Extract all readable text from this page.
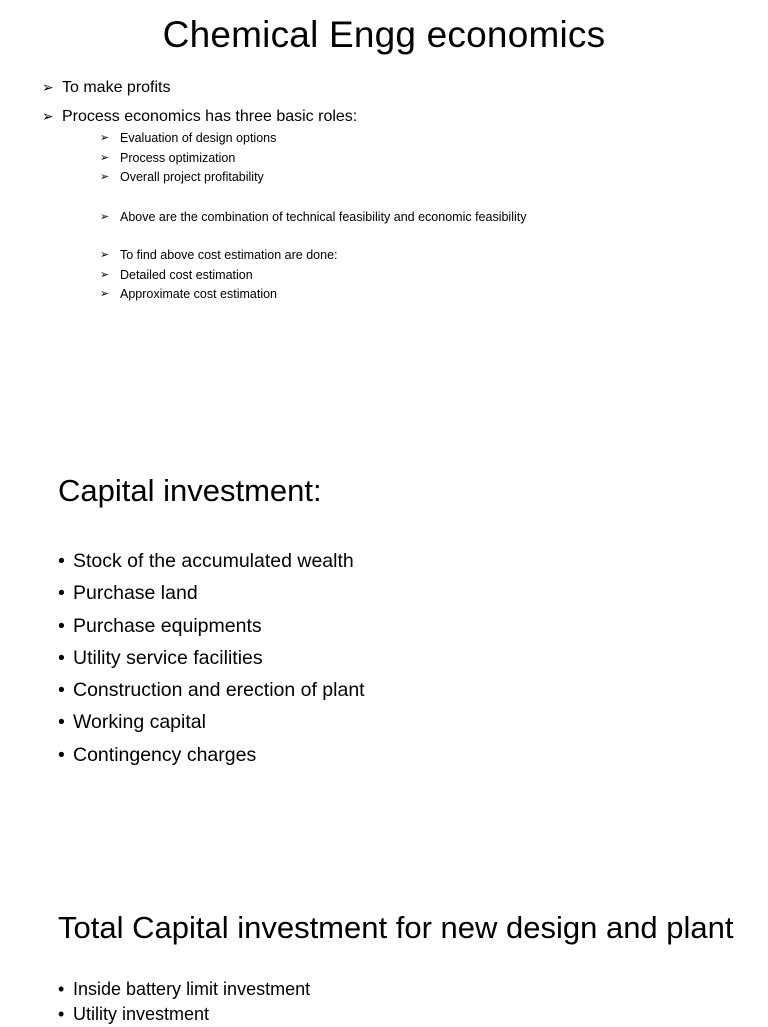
Chemical Engg economics
➢ To make profits
➢ Process economics has three basic roles:
➢ Evaluation of design options
➢ Process optimization
➢ Overall project profitability
➢ Above are the combination of technical feasibility and economic feasibility
➢ To find above cost estimation are done:
➢ Detailed cost estimation
➢ Approximate cost estimation
Capital investment:
• Stock of the accumulated wealth
• Purchase land
• Purchase equipments
• Utility service facilities
• Construction and erection of plant
• Working capital
• Contingency charges
Total Capital investment for new design and plant
• Inside battery limit investment
• Utility investment
